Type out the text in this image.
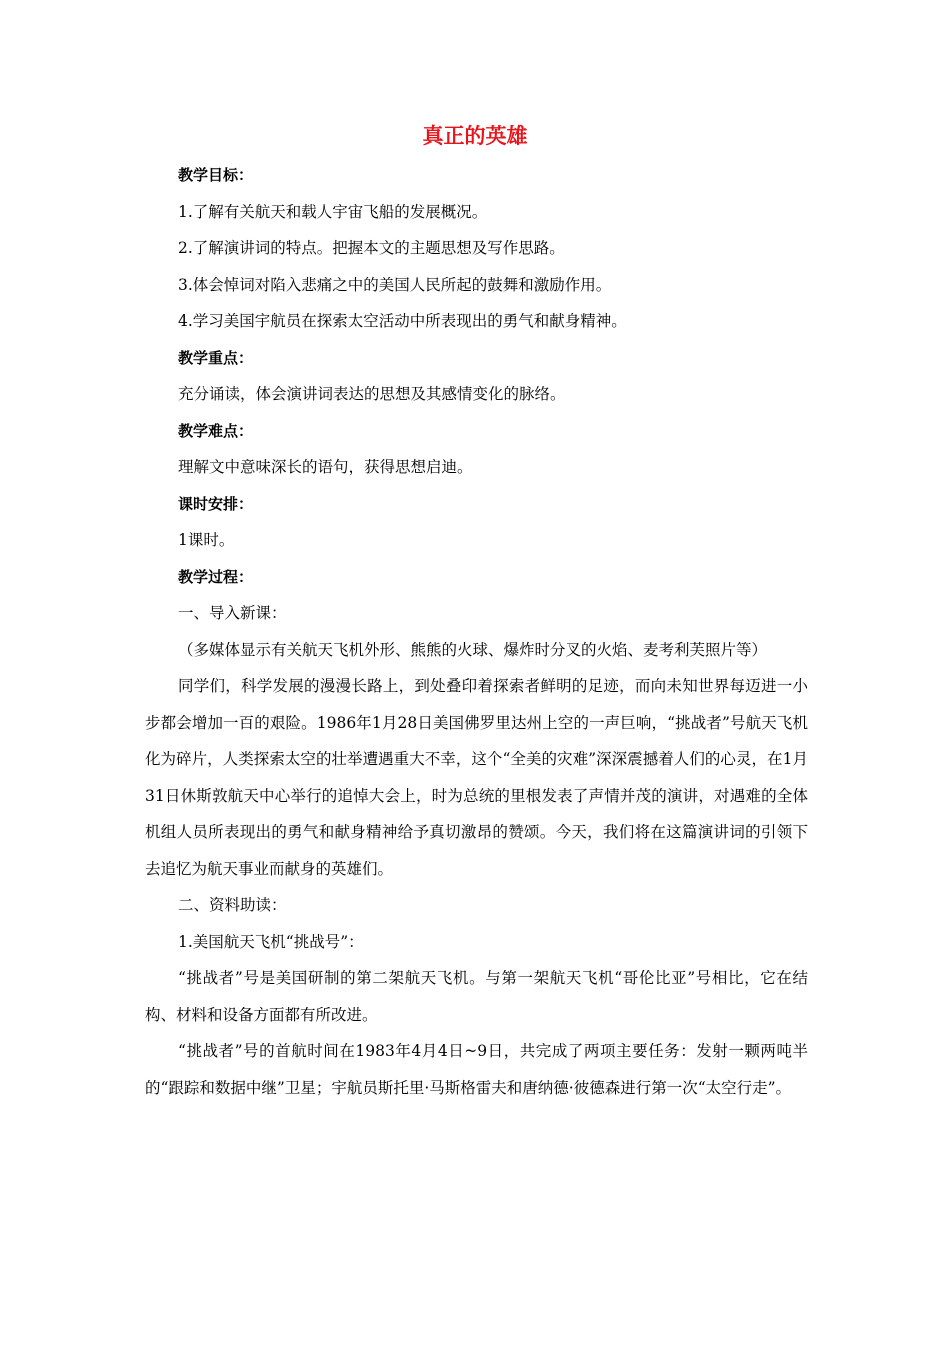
真正的英雄

教学目标：

1.了解有关航天和载人宇宙飞船的发展概况。

2.了解演讲词的特点。把握本文的主题思想及写作思路。

3.体会悼词对陷入悲痛之中的美国人民所起的鼓舞和激励作用。

4.学习美国宇航员在探索太空活动中所表现出的勇气和献身精神。

教学重点：

充分诵读，体会演讲词表达的思想及其感情变化的脉络。

教学难点：

理解文中意味深长的语句，获得思想启迪。

课时安排：

1课时。

教学过程：

一、导入新课：

（多媒体显示有关航天飞机外形、熊熊的火球、爆炸时分叉的火焰、麦考利芙照片等）

同学们，科学发展的漫漫长路上，到处叠印着探索者鲜明的足迹，而向未知世界每迈进一小步都会增加一百的艰险。1986年1月28日美国佛罗里达州上空的一声巨响，“挑战者”号航天飞机化为碎片，人类探索太空的壮举遭遇重大不幸，这个“全美的灾难”深深震撼着人们的心灵，在1月31日休斯敦航天中心举行的追悼大会上，时为总统的里根发表了声情并茂的演讲，对遇难的全体机组人员所表现出的勇气和献身精神给予真切激昂的赞颂。今天，我们将在这篇演讲词的引领下去追忆为航天事业而献身的英雄们。

二、资料助读：

1.美国航天飞机“挑战号”：

“挑战者”号是美国研制的第二架航天飞机。与第一架航天飞机“哥伦比亚”号相比，它在结构、材料和设备方面都有所改进。

“挑战者”号的首航时间在1983年4月4日~9日，共完成了两项主要任务：发射一颗两吨半的“跟踪和数据中继”卫星；宇航员斯托里·马斯格雷夫和唐纳德·彼德森进行第一次“太空行走”。
